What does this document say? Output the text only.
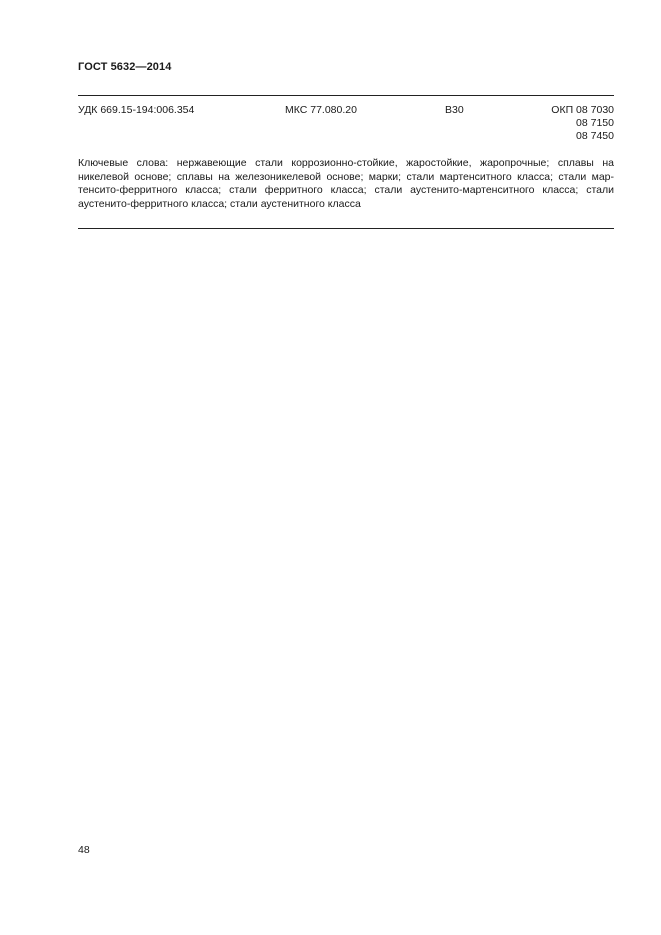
ГОСТ 5632—2014
УДК 669.15-194:006.354	МКС 77.080.20	В30	ОКП 08 7030
08 7150
08 7450
Ключевые слова: нержавеющие стали коррозионно-стойкие, жаростойкие, жаропрочные; сплавы на
никелевой основе; сплавы на железоникелевой основе; марки; стали мартенситного класса; стали мар-
тенсито-ферритного класса; стали ферритного класса; стали аустенито-мартенситного класса; стали
аустенито-ферритного класса; стали аустенитного класса
48
